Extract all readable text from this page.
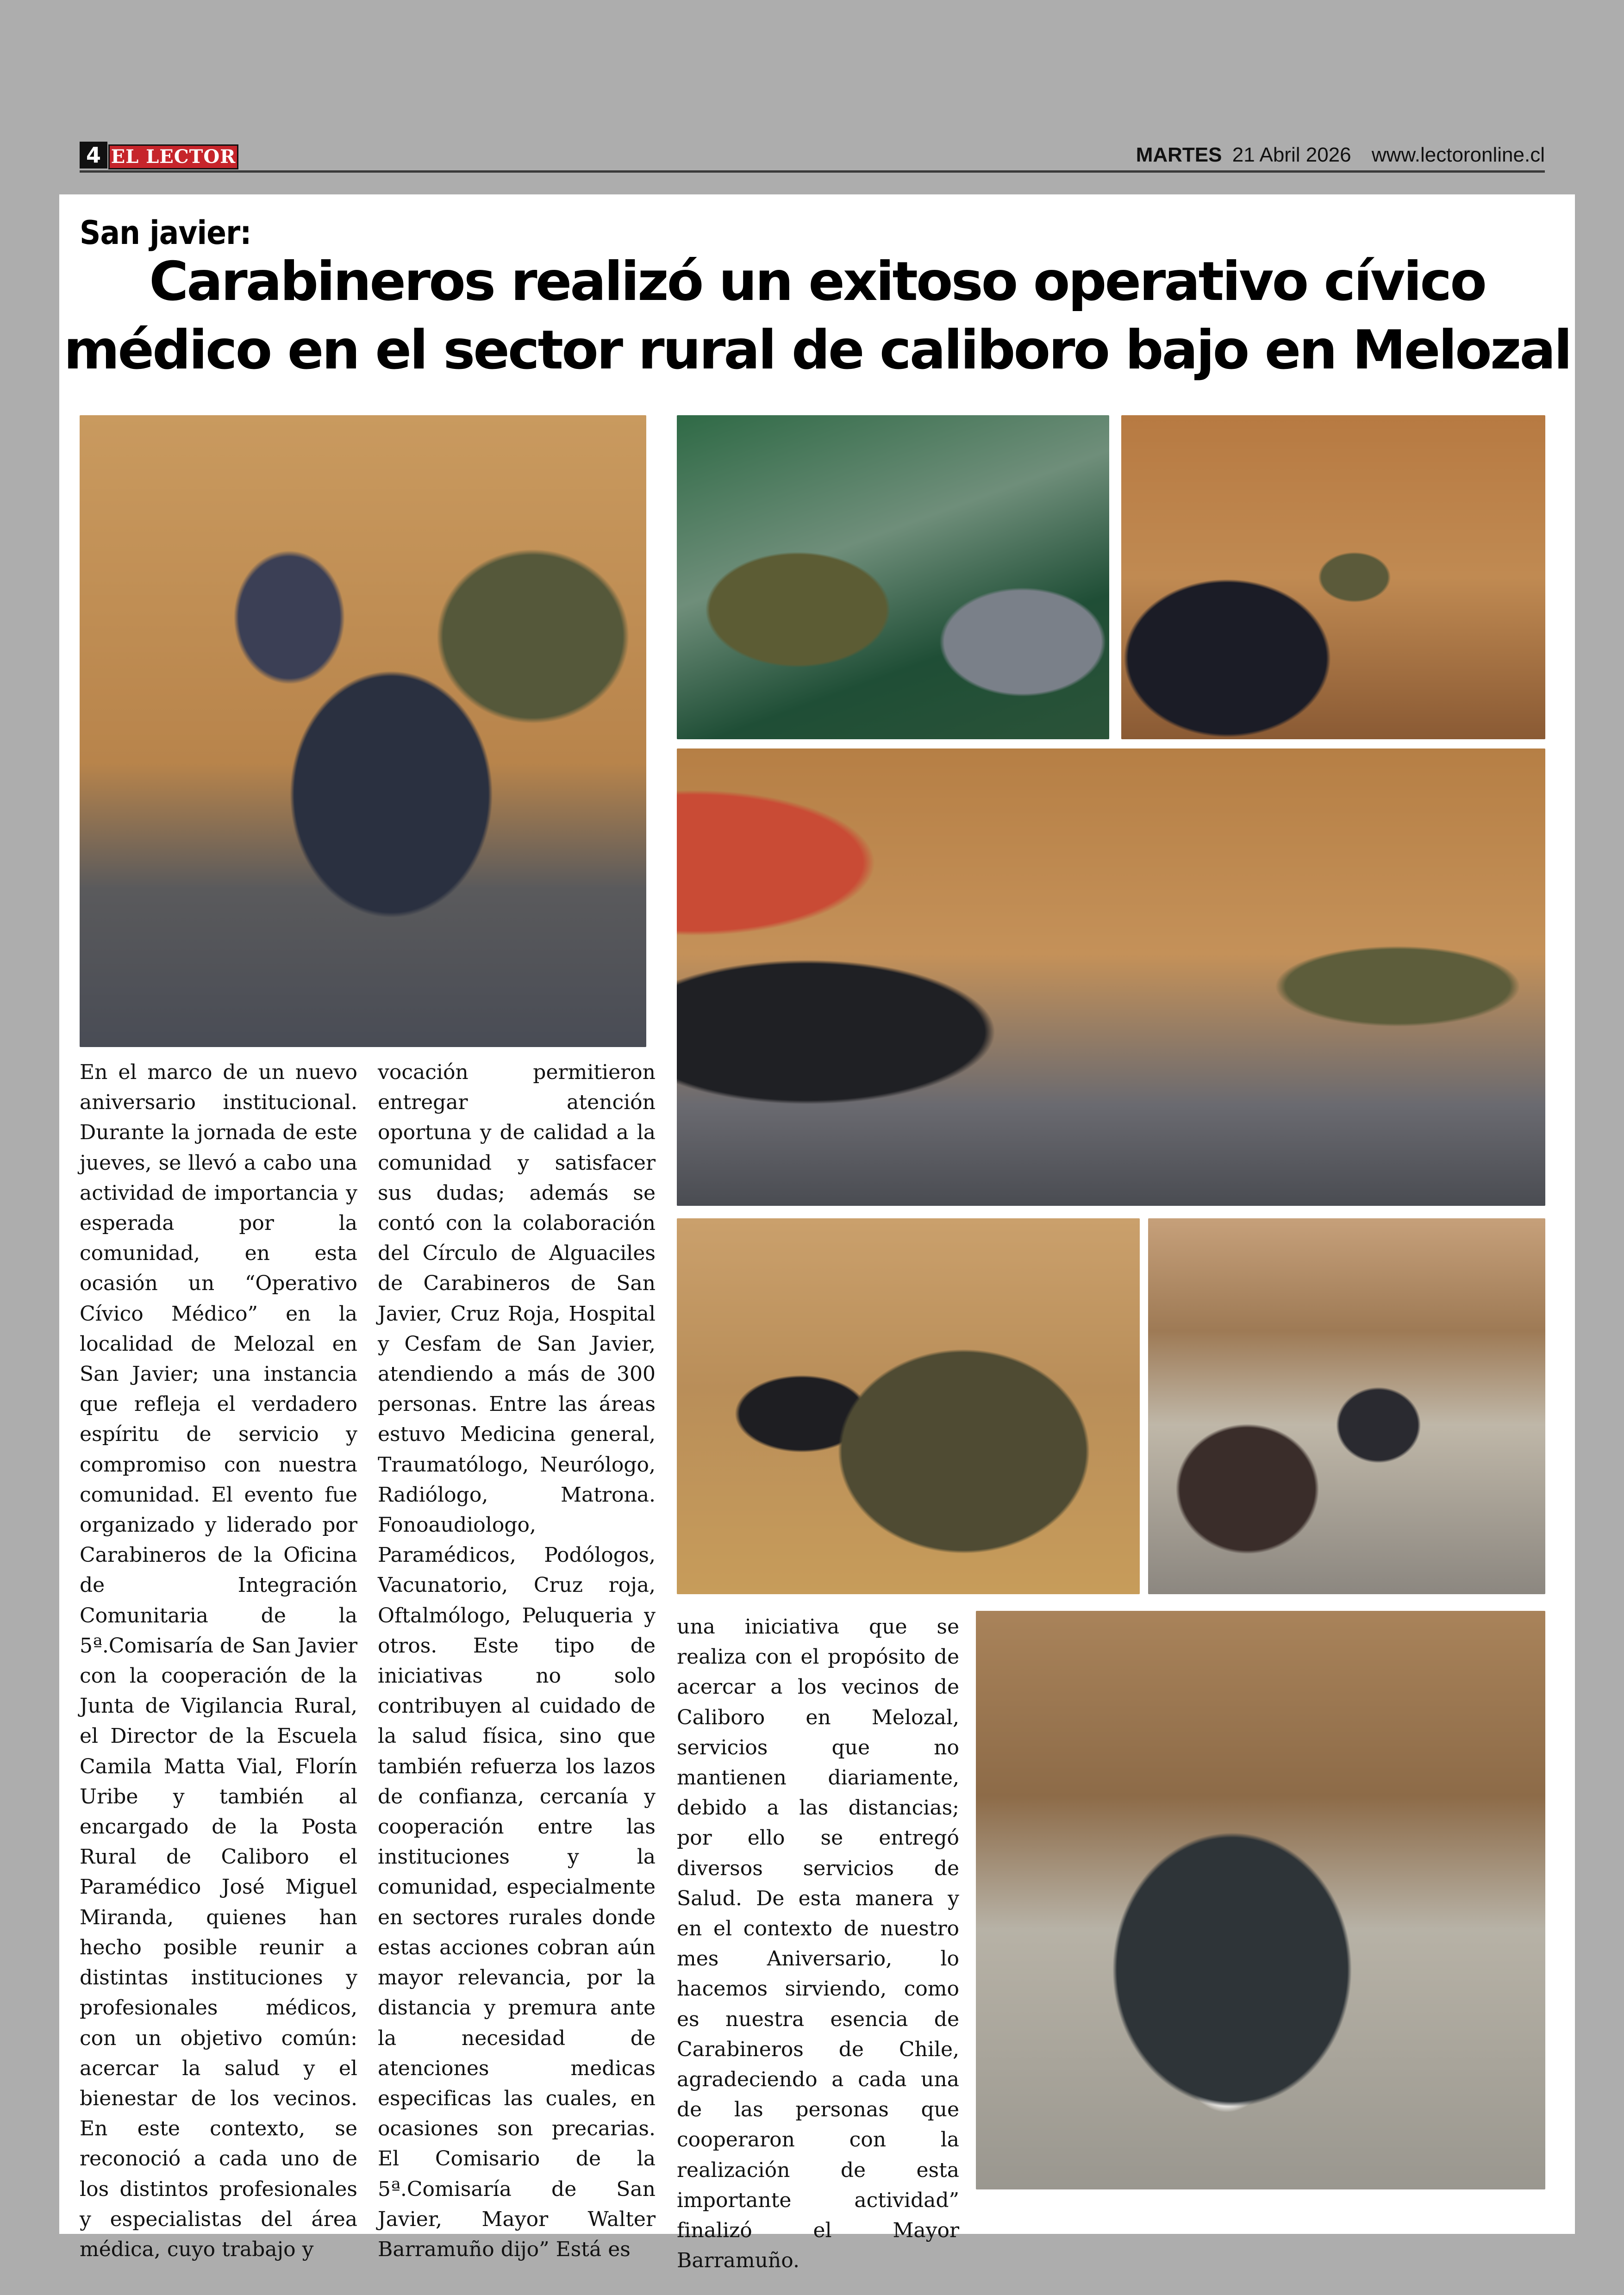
4 EL LECTOR	MARTES 21 Abril 2026 www.lectoronline.cl
San javier:
Carabineros realizó un exitoso operativo cívico médico en el sector rural de caliboro bajo en Melozal

En el marco de un nuevo aniversario institucional. Durante la jornada de este jueves, se llevó a cabo una actividad de importancia y esperada por la comunidad, en esta ocasión un “Operativo Cívico Médico” en la localidad de Melozal en San Javier; una instancia que refleja el verdadero espíritu de servicio y compromiso con nuestra comunidad. El evento fue organizado y liderado por Carabineros de la Oficina de Integración Comunitaria de la 5ª.Comisaría de San Javier con la cooperación de la Junta de Vigilancia Rural, el Director de la Escuela Camila Matta Vial, Florín Uribe y también al encargado de la Posta Rural de Caliboro el Paramédico José Miguel Miranda, quienes han hecho posible reunir a distintas instituciones y profesionales médicos, con un objetivo común: acercar la salud y el bienestar de los vecinos. En este contexto, se reconoció a cada uno de los distintos profesionales y especialistas del área médica, cuyo trabajo y

vocación permitieron entregar atención oportuna y de calidad a la comunidad y satisfacer sus dudas; además se contó con la colaboración del Círculo de Alguaciles de Carabineros de San Javier, Cruz Roja, Hospital y Cesfam de San Javier, atendiendo a más de 300 personas. Entre las áreas estuvo Medicina general, Traumatólogo, Neurólogo, Radiólogo, Matrona. Fonoaudiologo, Paramédicos, Podólogos, Vacunatorio, Cruz roja, Oftalmólogo, Peluqueria y otros. Este tipo de iniciativas no solo contribuyen al cuidado de la salud física, sino que también refuerza los lazos de confianza, cercanía y cooperación entre las instituciones y la comunidad, especialmente en sectores rurales donde estas acciones cobran aún mayor relevancia, por la distancia y premura ante la necesidad de atenciones medicas especificas las cuales, en ocasiones son precarias. El Comisario de la 5ª.Comisaría de San Javier, Mayor Walter Barramuño dijo” Está es

una iniciativa que se realiza con el propósito de acercar a los vecinos de Caliboro en Melozal, servicios que no mantienen diariamente, debido a las distancias; por ello se entregó diversos servicios de Salud. De esta manera y en el contexto de nuestro mes Aniversario, lo hacemos sirviendo, como es nuestra esencia de Carabineros de Chile, agradeciendo a cada una de las personas que cooperaron con la realización de esta importante actividad” finalizó el Mayor Barramuño.
